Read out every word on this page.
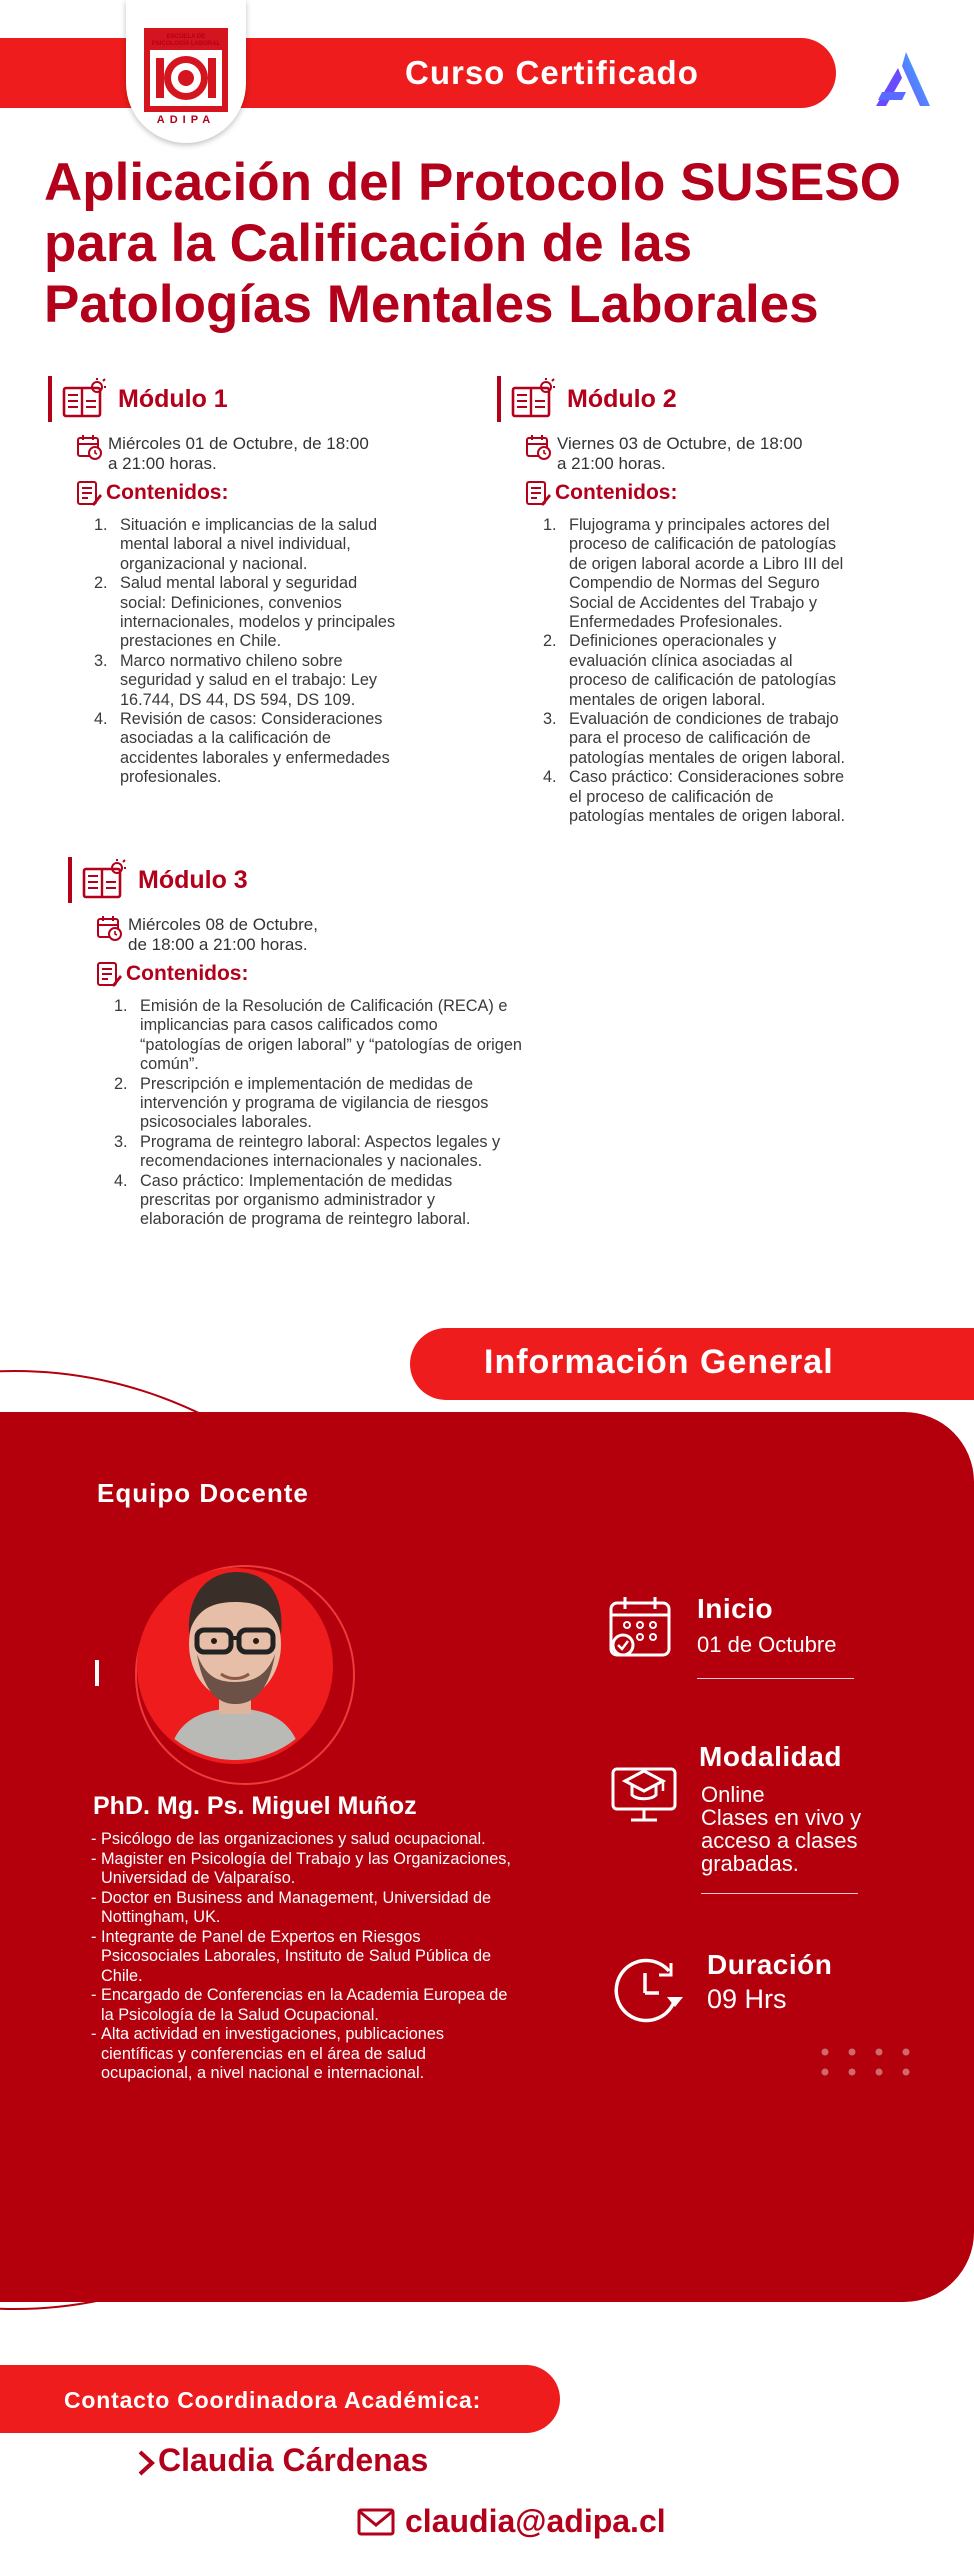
Curso Certificado
ESCUELA DE PSICOLOGÍA LABORAL
ADIPA
Aplicación del Protocolo SUSESO
para la Calificación de las
Patologías Mentales Laborales
Módulo 1
Miércoles 01 de Octubre, de 18:00
a 21:00 horas.
Contenidos:
1. Situación e implicancias de la salud
mental laboral a nivel individual,
organizacional y nacional.
2. Salud mental laboral y seguridad
social: Definiciones, convenios
internacionales, modelos y principales
prestaciones en Chile.
3. Marco normativo chileno sobre
seguridad y salud en el trabajo: Ley
16.744, DS 44, DS 594, DS 109.
4. Revisión de casos: Consideraciones
asociadas a la calificación de
accidentes laborales y enfermedades
profesionales.
Módulo 2
Viernes 03 de Octubre, de 18:00
a 21:00 horas.
Contenidos:
1. Flujograma y principales actores del
proceso de calificación de patologías
de origen laboral acorde a Libro III del
Compendio de Normas del Seguro
Social de Accidentes del Trabajo y
Enfermedades Profesionales.
2. Definiciones operacionales y
evaluación clínica asociadas al
proceso de calificación de patologías
mentales de origen laboral.
3. Evaluación de condiciones de trabajo
para el proceso de calificación de
patologías mentales de origen laboral.
4. Caso práctico: Consideraciones sobre
el proceso de calificación de
patologías mentales de origen laboral.
Módulo 3
Miércoles 08 de Octubre,
de 18:00 a 21:00 horas.
Contenidos:
1. Emisión de la Resolución de Calificación (RECA) e
implicancias para casos calificados como
“patologías de origen laboral” y “patologías de origen
común”.
2. Prescripción e implementación de medidas de
intervención y programa de vigilancia de riesgos
psicosociales laborales.
3. Programa de reintegro laboral: Aspectos legales y
recomendaciones internacionales y nacionales.
4. Caso práctico: Implementación de medidas
prescritas por organismo administrador y
elaboración de programa de reintegro laboral.
Información General
Equipo Docente
PhD. Mg. Ps. Miguel Muñoz
- Psicólogo de las organizaciones y salud ocupacional.
- Magister en Psicología del Trabajo y las Organizaciones,
Universidad de Valparaíso.
- Doctor en Business and Management, Universidad de
Nottingham, UK.
- Integrante de Panel de Expertos en Riesgos
Psicosociales Laborales, Instituto de Salud Pública de
Chile.
- Encargado de Conferencias en la Academia Europea de
la Psicología de la Salud Ocupacional.
- Alta actividad en investigaciones, publicaciones
científicas y conferencias en el área de salud
ocupacional, a nivel nacional e internacional.
Inicio
01 de Octubre
Modalidad
Online
Clases en vivo y
acceso a clases
grabadas.
Duración
09 Hrs
Contacto Coordinadora Académica:
Claudia Cárdenas
claudia@adipa.cl
